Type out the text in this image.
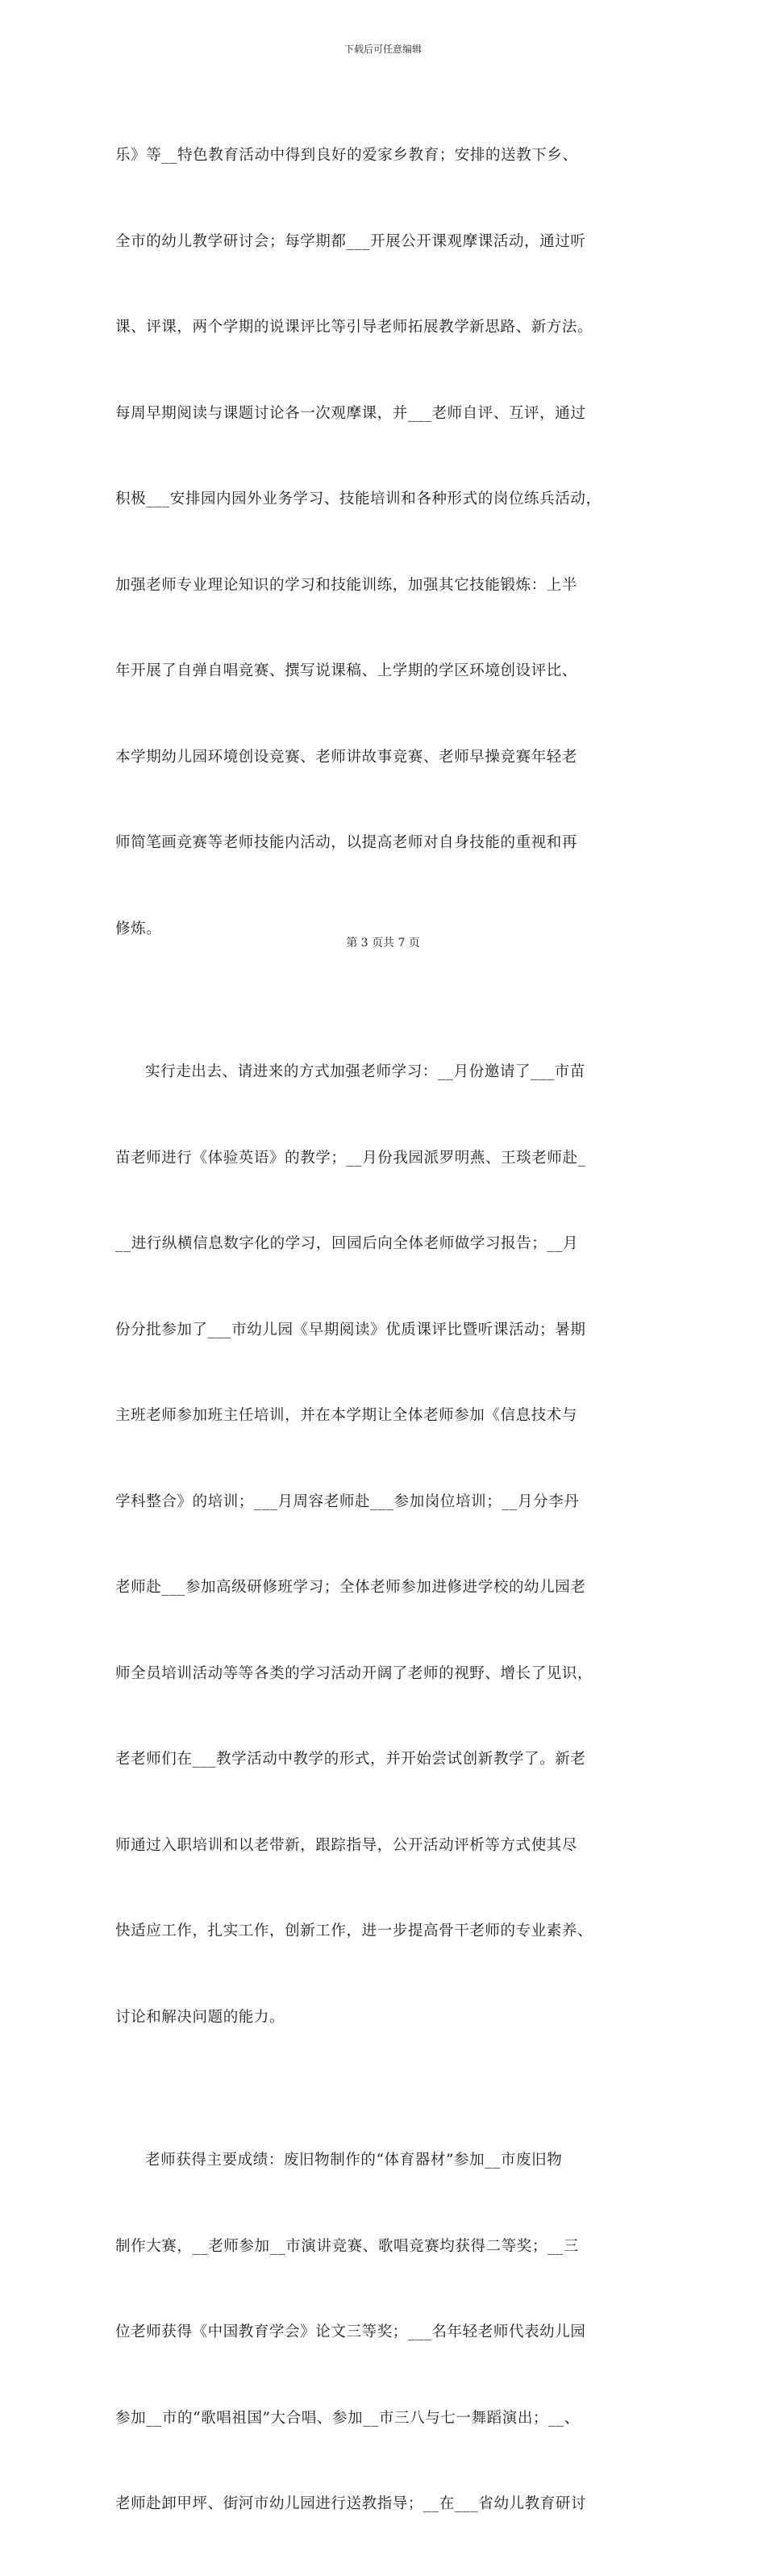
下载后可任意编辑

乐》等__特色教育活动中得到良好的爱家乡教育；安排的送教下乡、

全市的幼儿教学研讨会；每学期都___开展公开课观摩课活动，通过听

课、评课，两个学期的说课评比等引导老师拓展教学新思路、新方法。

每周早期阅读与课题讨论各一次观摩课，并___老师自评、互评，通过

积极___安排园内园外业务学习、技能培训和各种形式的岗位练兵活动，

加强老师专业理论知识的学习和技能训练，加强其它技能锻炼：上半

年开展了自弹自唱竞赛、撰写说课稿、上学期的学区环境创设评比、

本学期幼儿园环境创设竞赛、老师讲故事竞赛、老师早操竞赛年轻老

师简笔画竞赛等老师技能内活动，以提高老师对自身技能的重视和再

修炼。

实行走出去、请进来的方式加强老师学习：__月份邀请了___市苗

苗老师进行《体验英语》的教学；__月份我园派罗明燕、王琰老师赴_

__进行纵横信息数字化的学习，回园后向全体老师做学习报告；__月

份分批参加了___市幼儿园《早期阅读》优质课评比暨听课活动；暑期

主班老师参加班主任培训，并在本学期让全体老师参加《信息技术与

学科整合》的培训；___月周容老师赴___参加岗位培训；__月分李丹

老师赴___参加高级研修班学习；全体老师参加进修进学校的幼儿园老

师全员培训活动等等各类的学习活动开阔了老师的视野、增长了见识，

老老师们在___教学活动中教学的形式，并开始尝试创新教学了。新老

师通过入职培训和以老带新，跟踪指导，公开活动评析等方式使其尽

快适应工作，扎实工作，创新工作，进一步提高骨干老师的专业素养、

讨论和解决问题的能力。

老师获得主要成绩：废旧物制作的“体育器材”参加__市废旧物

制作大赛，__老师参加__市演讲竞赛、歌唱竞赛均获得二等奖；__三

位老师获得《中国教育学会》论文三等奖；___名年轻老师代表幼儿园

参加__市的“歌唱祖国”大合唱、参加__市三八与七一舞蹈演出；__、

老师赴卸甲坪、街河市幼儿园进行送教指导；__在___省幼儿教育研讨

第 3 页共 7 页
